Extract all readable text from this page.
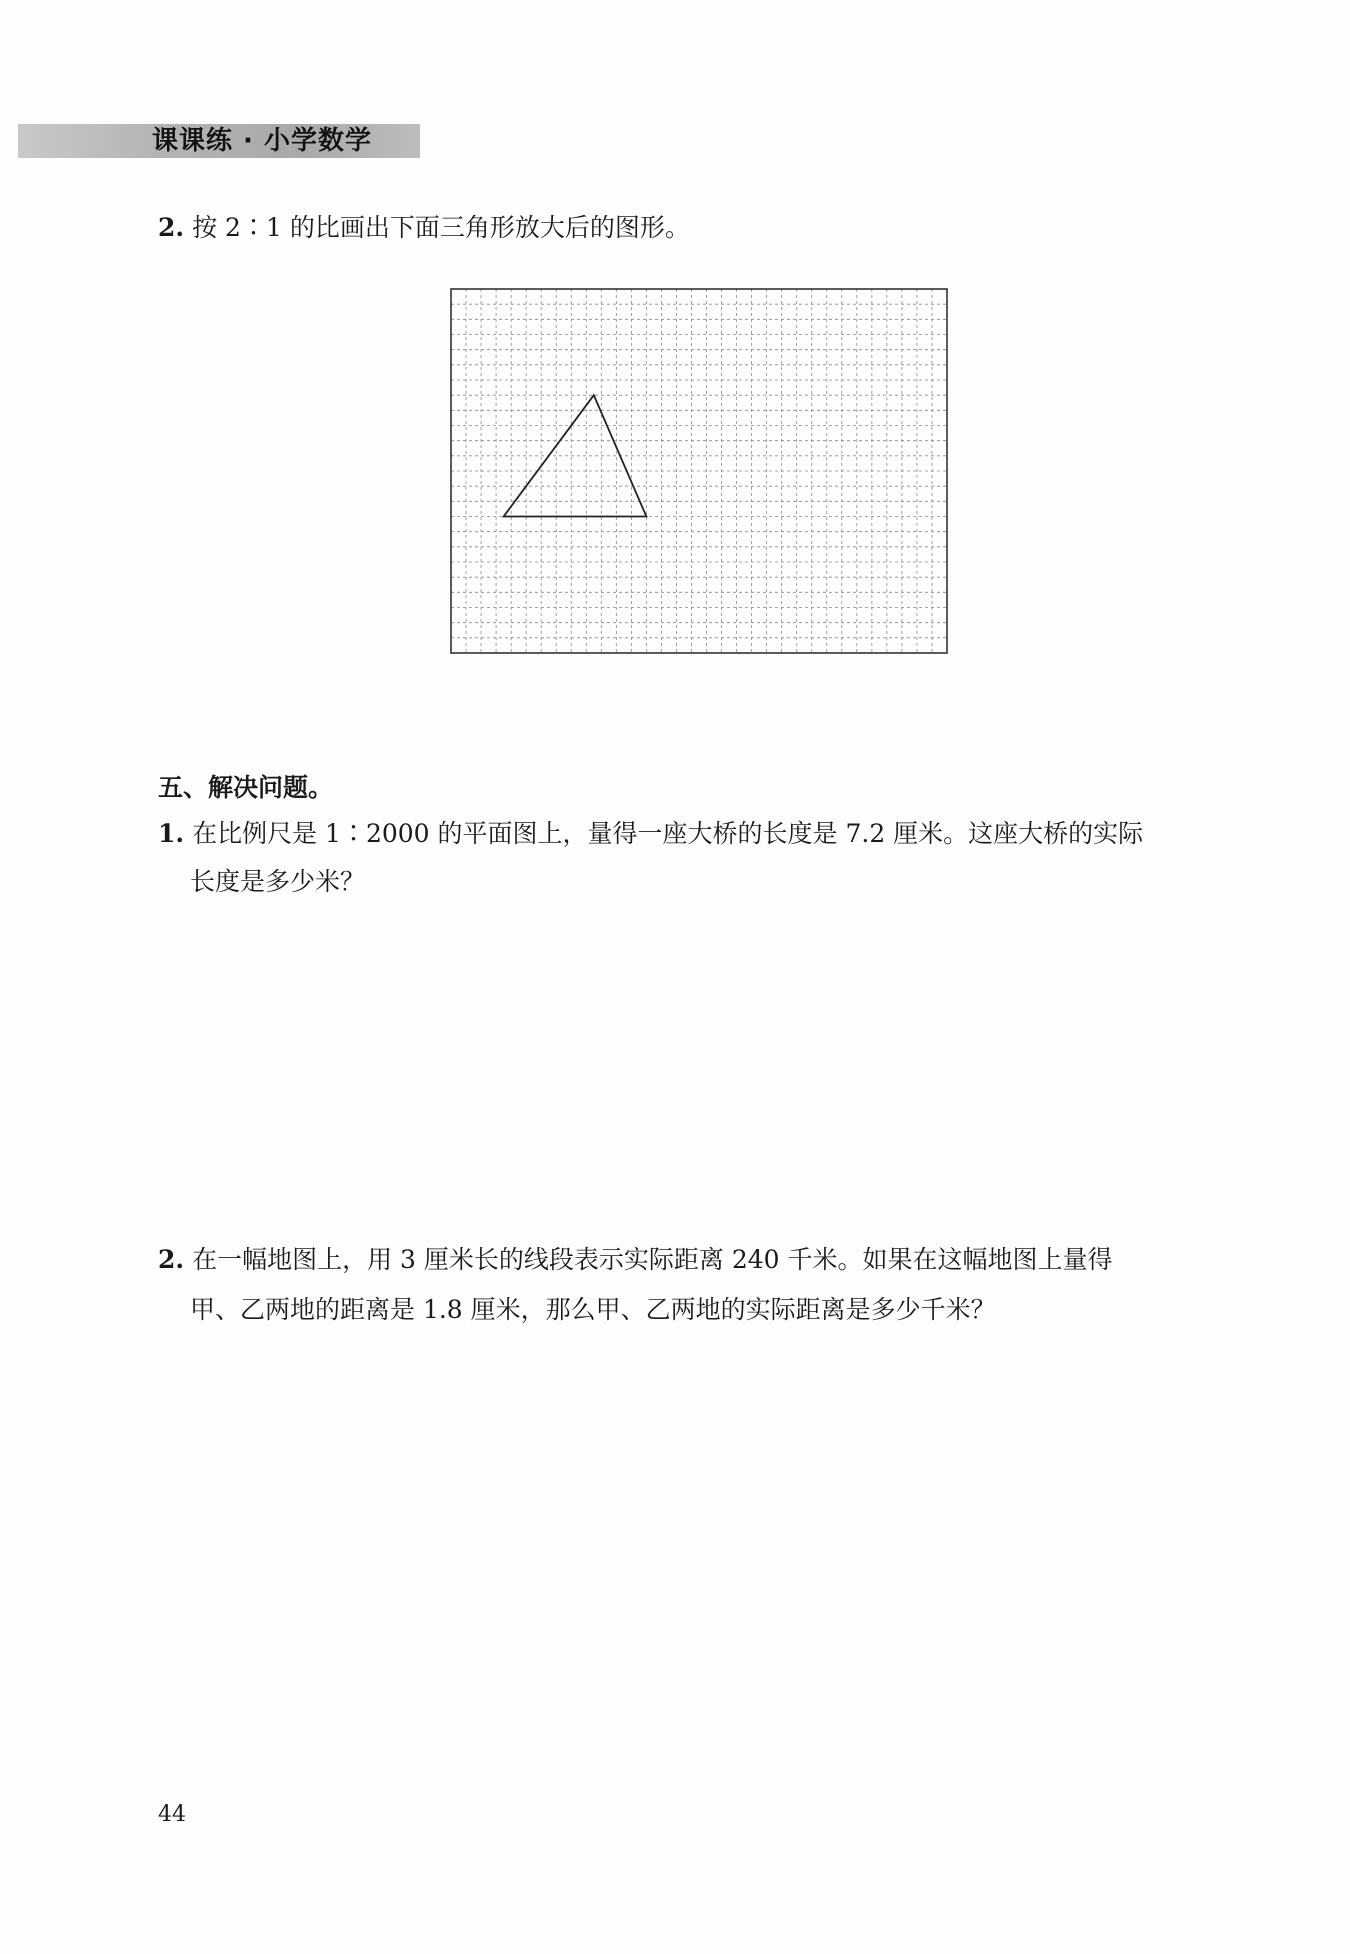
课课练 · 小学数学
2. 按 2∶1 的比画出下面三角形放大后的图形。
五、解决问题。
1. 在比例尺是 1∶2000 的平面图上，量得一座大桥的长度是 7.2 厘米。这座大桥的实际
长度是多少米？
2. 在一幅地图上，用 3 厘米长的线段表示实际距离 240 千米。如果在这幅地图上量得
甲、乙两地的距离是 1.8 厘米，那么甲、乙两地的实际距离是多少千米？
44
